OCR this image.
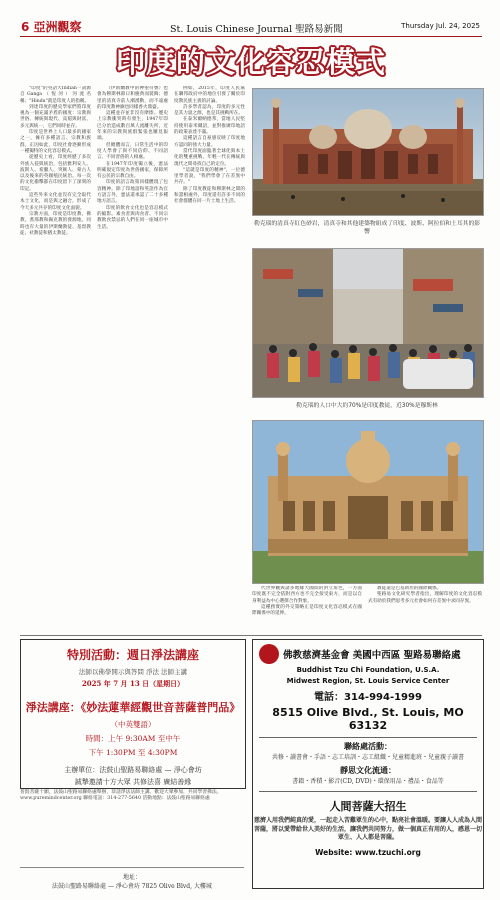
6 亞洲觀察	St. Louis Chinese Journal 聖路易新聞	Thursday Jul. 24, 2025
印度的文化容忍模式

"印度"的英語大Indian一詞源自Ganga（恆河）河流名稱；"Hindu"就是印度人的指稱。

到達印度的歷史學家們將印度視為一個充滿矛盾的國度：宗教與世俗、傳統與現代、貧窮與財富、多元與統一，它們同時並存。

印度是世界上人口最多的國家之一，擁有多種語言、宗教和族群，正因如此，印度社會逐漸形成一種獨特的文化容忍模式。

從歷史上看，印度經歷了多次外族入侵與統治，包括雅利安人、波斯人、希臘人、突厥人、蒙古人以及後來的英國殖民統治。每一次的文化衝擊都在印度留下了深刻的印記。

這些外來文化並沒有完全取代本土文化，而是與之融合，形成了今天多元共存的印度文化面貌。

宗教方面，印度是印度教、佛教、耆那教和錫克教的發源地，同時也有大量的伊斯蘭教徒、基督教徒、祆教徒和猶太教徒。

（伊斯蘭教中的神聖符號）也會為穆斯林節日和慶典而裝飾；德里的清真寺前人潮湧動，而不遠處的印度教神廟也同樣香火鼎盛。

這種並存並非沒有摩擦。歷史上宗教衝突時有發生，1947年印巴分治造成數百萬人流離失所，近年來的宗教與族群緊張也屢見報端。

但總體而言，日常生活中的印度人學會了與不同信仰、不同語言、不同習俗的人相處。

在1947年印度獨立後，憲法明確規定印度為世俗國家，保障所有公民的宗教自由。

印度的語言政策同樣體現了包容精神。除了印地語和英語作為官方語言外，憲法還承認了二十多種地方語言。

印度的飲食文化也是容忍模式的縮影。素食者與肉食者、不同宗教飲食禁忌的人們在同一座城市中生活。

例如，2015年，印度人民黨在聯邦政府中的地位引發了關於印度教民族主義的討論。

許多學者認為，印度的多元性是其力量之源，也是其挑戰所在。

在泰米爾納德邦，當地人民堅持使用泰米爾語，並對推廣印地語的政策表達不滿。

這種語言自豪感反映了印度地方認同的強大力量。

當代印度面臨著全球化與本土化的雙重挑戰，年輕一代在傳統與現代之間尋找自己的定位。

"這就是印度的精神"，一位德里學者說，"我們學會了在差異中共存。"

除了印度教徒和穆斯林之間的和諧相處外，印度還有許多不同的社會群體在同一片土地上生活。

代世界觀與諸多地緣大國間的對立角色，一方面印度既不完全依附西方也不完全接受東方，而是以自身利益為中心選擇合作對象。

這種務實的外交策略正是印度文化容忍模式在國際關係中的延伸。

教徒還是巴基斯坦的國際關係。

聖路易文化研究學者指出，理解印度的文化容忍模式有助於我們思考多元社會如何在差異中求同存異。

勒克瑙的清真寺紅色砂岩，清真寺和其他建築物組成了印度、波斯、阿拉伯和土耳其的影響
勒克瑙的人口中大約70%是印度教徒，近30%是穆斯林
特別活動：週日淨法講座
法師以佛學開示與答問 淨法 法師主講
2025 年 7 月 13 日（星期日）
淨法講座：《妙法蓮華經觀世音菩薩普門品》
（中英雙語）
時間：上午 9:30AM 至中午
下午 1:30PM 至 4:30PM
主辦單位：法鼓山聖路易聯絡處 — 淨心會坊
誠摯邀請十方大眾 共修法喜 廣結善緣
普賢菩薩十願，法鼓山聖路易聯絡處舉辦，恭請淨法法師主講。歡迎大眾參加，共同學習佛法。www.puremindcenter.org 聯絡電話：314-277-5640 活動地點：法鼓山聖路易聯絡處
地址：
法鼓山聖路易聯絡處 — 淨心會坊 7825 Olive Blvd, 大樓城
佛教慈濟基金會 美國中西區 聖路易聯絡處
Buddhist Tzu Chi Foundation, U.S.A.
Midwest Region, St. Louis Service Center
電話：314-994-1999
8515 Olive Blvd., St. Louis, MO 63132
聯絡處活動：
共修・讀書會・手語・志工培訓・志工組織・兒童精進班・兒童親子讀書
靜思文化流通：
書籍・香積・影音(CD, DVD)・環保用品・禮品・食品等
人間菩薩大招生
慈濟人用我們純真的愛，一起走入苦難眾生的心中，點亮社會溫暖。要讓人人成為人間菩薩，將以愛帶給世人美好的生活，讓我們共同努力，做一個真正有用的人，感恩一切眾生、人人都是菩薩。
Website: www.tzuchi.org
